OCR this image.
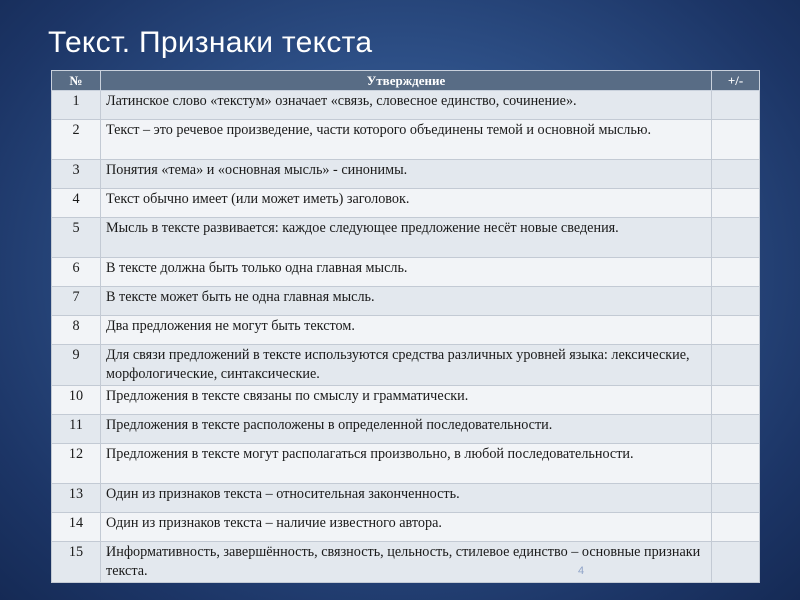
Текст. Признаки текста
№	Утверждение	+/-
1	Латинское слово «текстум» означает «связь, словесное единство, сочинение».	
2	Текст – это речевое произведение, части которого объединены темой и основной мыслью.	
3	Понятия «тема» и «основная мысль» - синонимы.	
4	Текст обычно имеет (или может иметь) заголовок.	
5	Мысль в тексте развивается: каждое следующее предложение несёт новые сведения.	
6	В тексте должна быть только одна главная мысль.	
7	В тексте может быть не одна главная мысль.	
8	Два предложения не могут быть текстом.	
9	Для связи предложений в тексте используются средства различных уровней языка: лексические, морфологические, синтаксические.	
10	Предложения в тексте связаны по смыслу и грамматически.	
11	Предложения в тексте расположены в определенной последовательности.	
12	Предложения в тексте могут располагаться произвольно, в любой последовательности.	
13	Один из признаков текста – относительная законченность.	
14	Один из признаков текста – наличие известного автора.	
15	Информативность, завершённость, связность, цельность, стилевое единство – основные признаки текста.		4
